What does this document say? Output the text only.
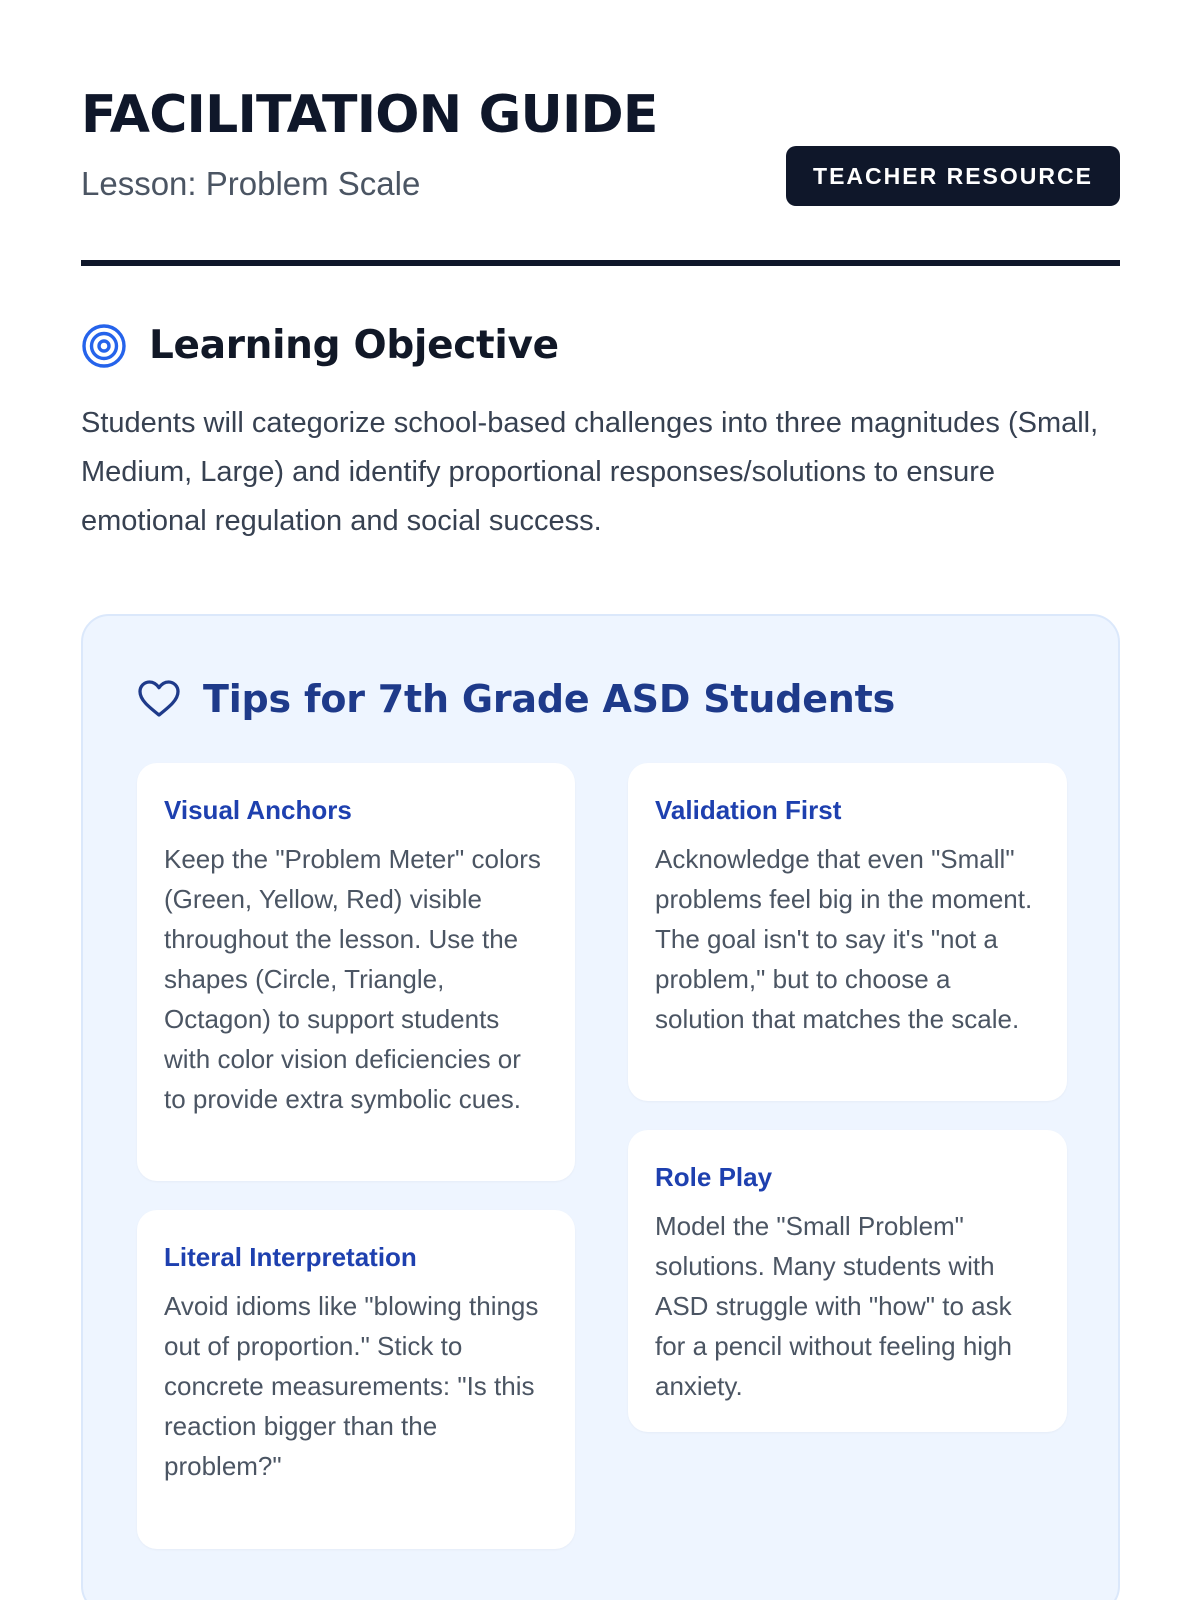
FACILITATION GUIDE
Lesson: Problem Scale	TEACHER RESOURCE
Learning Objective

Students will categorize school-based challenges into three magnitudes (Small, Medium, Large) and identify proportional responses/solutions to ensure emotional regulation and social success.

Tips for 7th Grade ASD Students
Visual Anchors

Keep the "Problem Meter" colors (Green, Yellow, Red) visible throughout the lesson. Use the shapes (Circle, Triangle, Octagon) to support students with color vision deficiencies or to provide extra symbolic cues.

Validation First

Acknowledge that even "Small" problems feel big in the moment. The goal isn't to say it's "not a problem," but to choose a solution that matches the scale.

Literal Interpretation

Avoid idioms like "blowing things out of proportion." Stick to concrete measurements: "Is this reaction bigger than the problem?"

Role Play

Model the "Small Problem" solutions. Many students with ASD struggle with "how" to ask for a pencil without feeling high anxiety.
